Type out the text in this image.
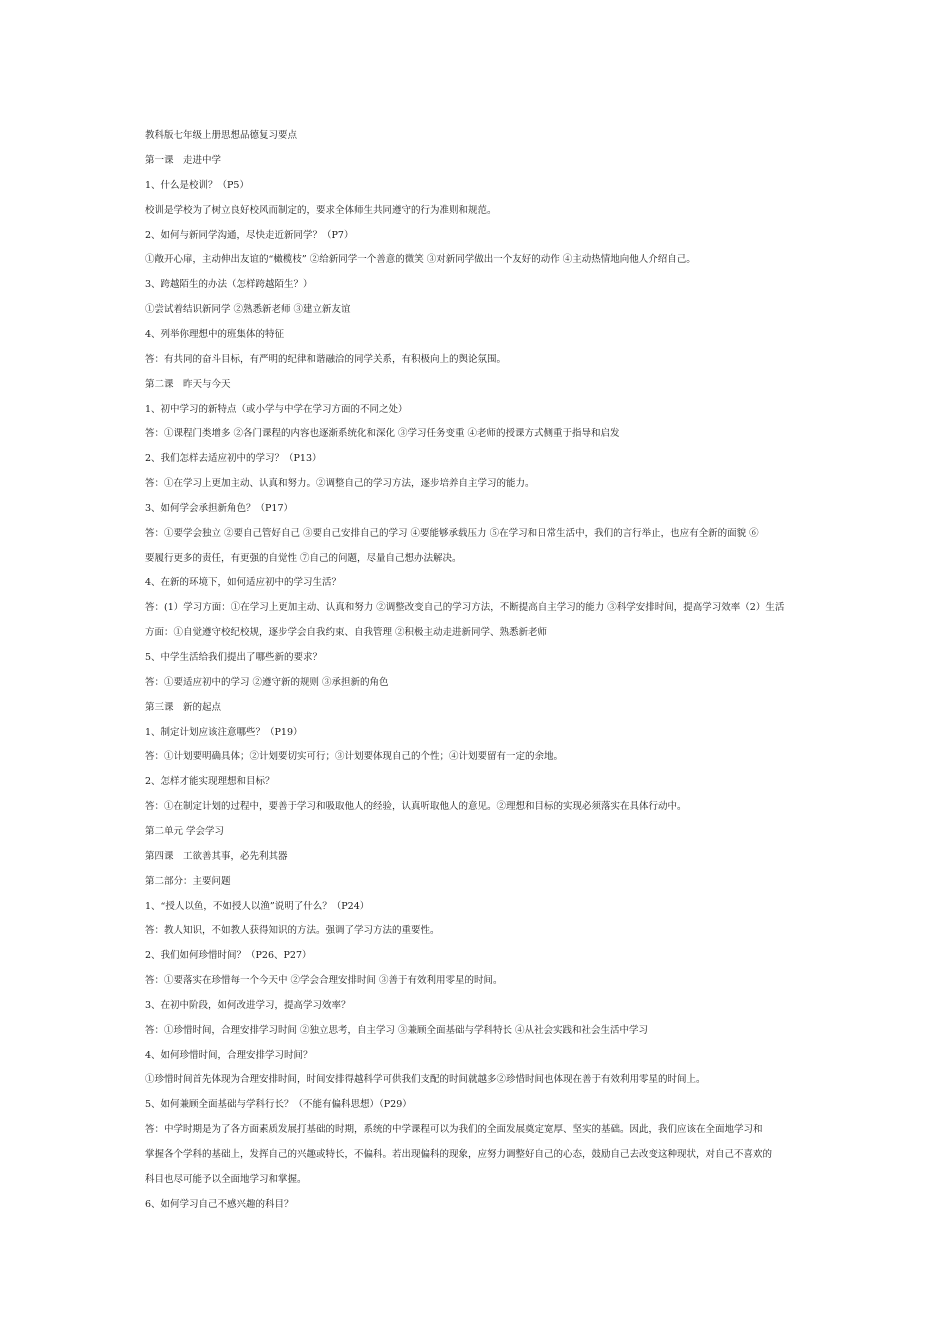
教科版七年级上册思想品德复习要点
第一课　走进中学
1、什么是校训？（P5）
校训是学校为了树立良好校风而制定的，要求全体师生共同遵守的行为准则和规范。
2、如何与新同学沟通，尽快走近新同学？（P7）
①敞开心扉，主动伸出友谊的“橄榄枝” ②给新同学一个善意的微笑 ③对新同学做出一个友好的动作 ④主动热情地向他人介绍自己。
3、跨越陌生的办法（怎样跨越陌生？）
①尝试着结识新同学 ②熟悉新老师 ③建立新友谊
4、列举你理想中的班集体的特征
答：有共同的奋斗目标，有严明的纪律和谐融洽的同学关系，有积极向上的舆论氛围。
第二课　昨天与今天
1、初中学习的新特点（或小学与中学在学习方面的不同之处）
答：①课程门类增多 ②各门课程的内容也逐渐系统化和深化 ③学习任务变重 ④老师的授课方式侧重于指导和启发
2、我们怎样去适应初中的学习？（P13）
答：①在学习上更加主动、认真和努力。②调整自己的学习方法，逐步培养自主学习的能力。
3、如何学会承担新角色？（P17）
答：①要学会独立 ②要自己管好自己 ③要自己安排自己的学习 ④要能够承载压力 ⑤在学习和日常生活中，我们的言行举止，也应有全新的面貌 ⑥
要履行更多的责任，有更强的自觉性 ⑦自己的问题，尽量自己想办法解决。
4、在新的环境下，如何适应初中的学习生活？
答：(1）学习方面：①在学习上更加主动、认真和努力 ②调整改变自己的学习方法，不断提高自主学习的能力 ③科学安排时间，提高学习效率（2）生活
方面：①自觉遵守校纪校规，逐步学会自我约束、自我管理 ②积极主动走进新同学、熟悉新老师
5、中学生活给我们提出了哪些新的要求？
答：①要适应初中的学习 ②遵守新的规则 ③承担新的角色
第三课　新的起点
1、制定计划应该注意哪些？（P19）
答：①计划要明确具体；②计划要切实可行；③计划要体现自己的个性；④计划要留有一定的余地。
2、怎样才能实现理想和目标？
答：①在制定计划的过程中，要善于学习和吸取他人的经验，认真听取他人的意见。②理想和目标的实现必须落实在具体行动中。
第二单元 学会学习
第四课　工欲善其事，必先利其器
第二部分：主要问题
1、“授人以鱼，不如授人以渔”说明了什么？（P24）
答：教人知识，不如教人获得知识的方法。强调了学习方法的重要性。
2、我们如何珍惜时间？（P26、P27）
答：①要落实在珍惜每一个今天中 ②学会合理安排时间 ③善于有效利用零星的时间。
3、在初中阶段，如何改进学习，提高学习效率？
答：①珍惜时间，合理安排学习时间 ②独立思考，自主学习 ③兼顾全面基础与学科特长 ④从社会实践和社会生活中学习
4、如何珍惜时间，合理安排学习时间？
①珍惜时间首先体现为合理安排时间，时间安排得越科学可供我们支配的时间就越多②珍惜时间也体现在善于有效利用零星的时间上。
5、如何兼顾全面基础与学科行长？（不能有偏科思想）（P29）
答：中学时期是为了各方面素质发展打基础的时期，系统的中学课程可以为我们的全面发展奠定宽厚、坚实的基础。因此，我们应该在全面地学习和
掌握各个学科的基础上，发挥自己的兴趣或特长，不偏科。若出现偏科的现象，应努力调整好自己的心态，鼓励自己去改变这种现状，对自己不喜欢的
科目也尽可能予以全面地学习和掌握。
6、如何学习自己不感兴趣的科目？
